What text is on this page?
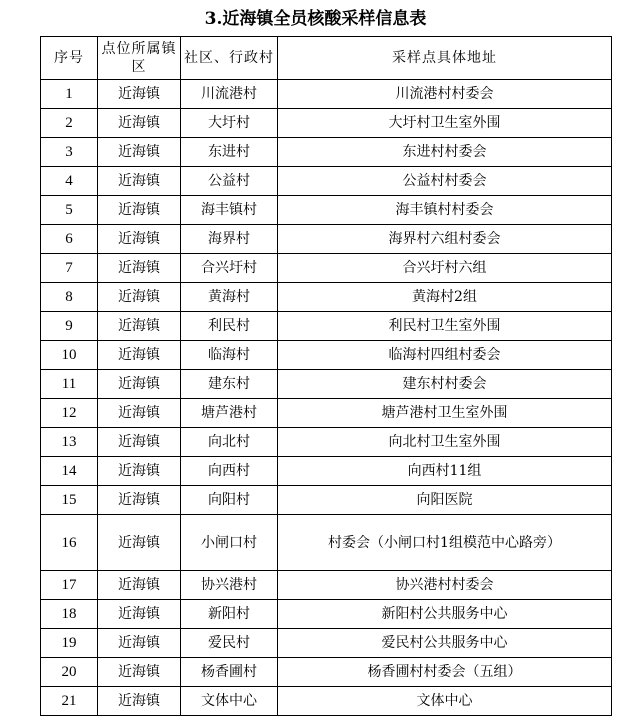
3.近海镇全员核酸采样信息表
序号	点位所属镇区	社区、行政村	采样点具体地址
1	近海镇	川流港村	川流港村村委会
2	近海镇	大圩村	大圩村卫生室外围
3	近海镇	东进村	东进村村委会
4	近海镇	公益村	公益村村委会
5	近海镇	海丰镇村	海丰镇村村委会
6	近海镇	海界村	海界村六组村委会
7	近海镇	合兴圩村	合兴圩村六组
8	近海镇	黄海村	黄海村2组
9	近海镇	利民村	利民村卫生室外围
10	近海镇	临海村	临海村四组村委会
11	近海镇	建东村	建东村村委会
12	近海镇	塘芦港村	塘芦港村卫生室外围
13	近海镇	向北村	向北村卫生室外围
14	近海镇	向西村	向西村11组
15	近海镇	向阳村	向阳医院
16	近海镇	小闸口村	村委会（小闸口村1组模范中心路旁）
17	近海镇	协兴港村	协兴港村村委会
18	近海镇	新阳村	新阳村公共服务中心
19	近海镇	爱民村	爱民村公共服务中心
20	近海镇	杨香圃村	杨香圃村村委会（五组）
21	近海镇	文体中心	文体中心
